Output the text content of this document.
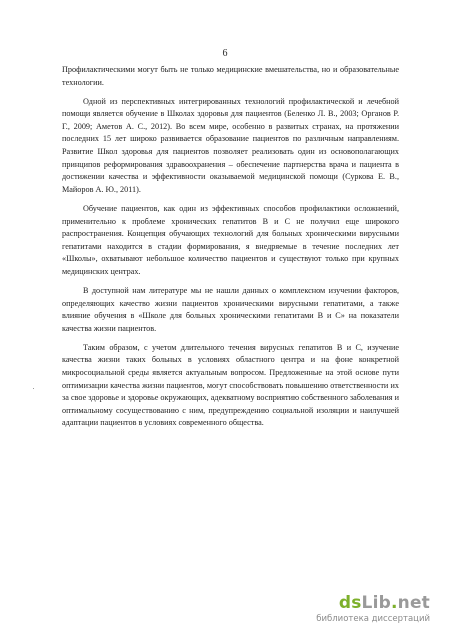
6

Профилактическими могут быть не только медицинские вмешательства, но и образовательные технологии.

Одной из перспективных интегрированных технологий профилактической и лечебной помощи является обучение в Школах здоровья для пациентов (Беленко Л. В., 2003; Органов Р. Г., 2009; Аметов А. С., 2012). Во всем мире, особенно в развитых странах, на протяжении последних 15 лет широко развивается образование пациентов по различным направлениям. Развитие Школ здоровья для пациентов позволяет реализовать один из основополагающих принципов реформирования здравоохранения – обеспечение партнерства врача и пациента в достижении качества и эффективности оказываемой медицинской помощи (Суркова Е. В., Майоров А. Ю., 2011).

Обучение пациентов, как один из эффективных способов профилактики осложнений, применительно к проблеме хронических гепатитов В и С не получил еще широкого распространения. Концепция обучающих технологий для больных хроническими вирусными гепатитами находится в стадии формирования, я внедряемые в течение последних лет «Школы», охватывают небольшое количество пациентов и существуют только при крупных медицинских центрах.

В доступной нам литературе мы не нашли данных о комплексном изучении факторов, определяющих качество жизни пациентов хроническими вирусными гепатитами, а также влияние обучения в «Школе для больных хроническими гепатитами В и С» на показатели качества жизни пациентов.

Таким образом, с учетом длительного течения вирусных гепатитов В и С, изучение качества жизни таких больных в условиях областного центра и на фоне конкретной микросоциальной среды является актуальным вопросом. Предложенные на этой основе пути оптимизации качества жизни пациентов, могут способствовать повышению ответственности их за свое здоровье и здоровье окружающих, адекватному восприятию собственного заболевания и оптимальному сосуществованию с ним, предупреждению социальной изоляции и наилучшей адаптации пациентов в условиях современного общества.

dsLib.net
библиотека диссертаций
